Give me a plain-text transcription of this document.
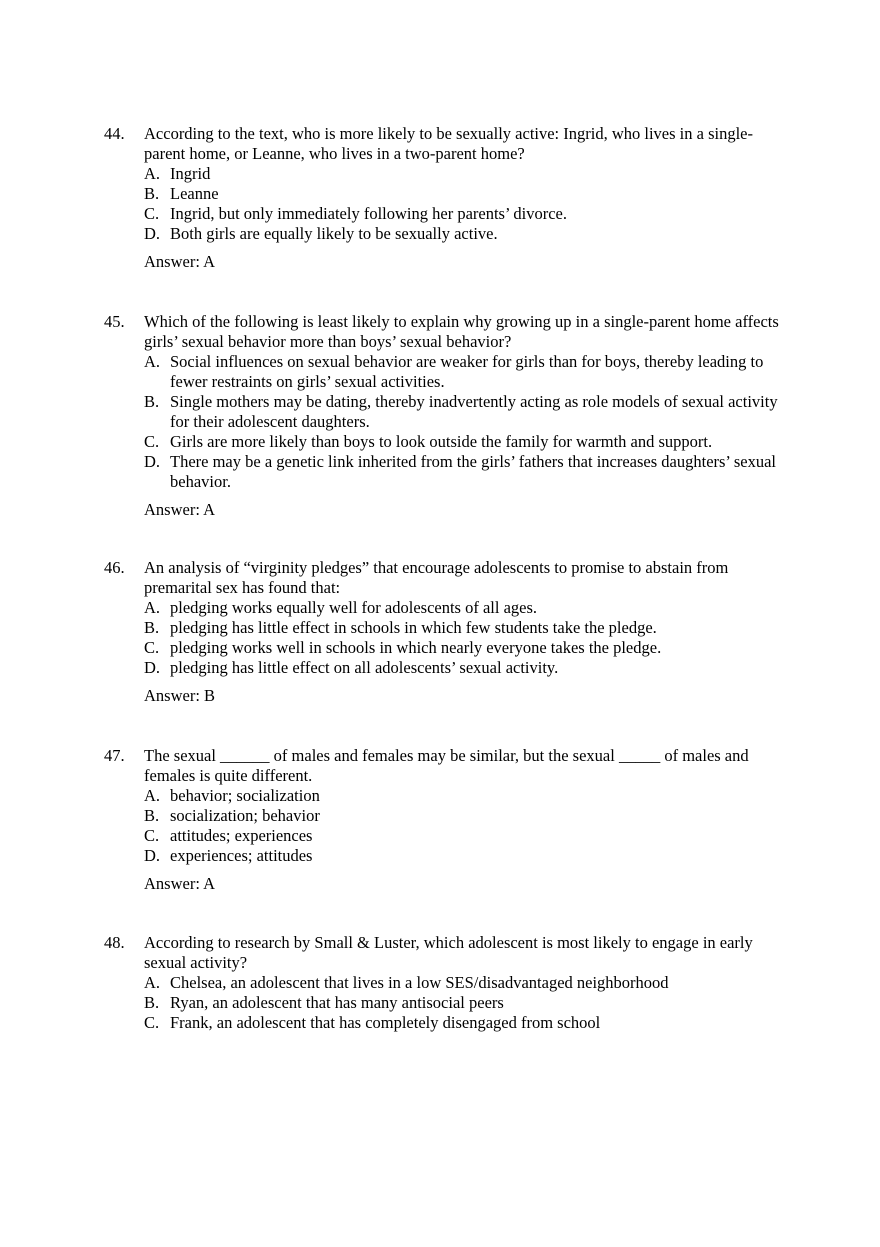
44.	According to the text, who is more likely to be sexually active: Ingrid, who lives in a single-parent home, or Leanne, who lives in a two-parent home?

A. Ingrid
B. Leanne
C. Ingrid, but only immediately following her parents’ divorce.
D. Both girls are equally likely to be sexually active.

Answer: A

45.	Which of the following is least likely to explain why growing up in a single-parent home affects girls’ sexual behavior more than boys’ sexual behavior?

A. Social influences on sexual behavior are weaker for girls than for boys, thereby leading to fewer restraints on girls’ sexual activities.
B. Single mothers may be dating, thereby inadvertently acting as role models of sexual activity for their adolescent daughters.
C. Girls are more likely than boys to look outside the family for warmth and support.
D. There may be a genetic link inherited from the girls’ fathers that increases daughters’ sexual behavior.

Answer: A

46.	An analysis of “virginity pledges” that encourage adolescents to promise to abstain from premarital sex has found that:

A. pledging works equally well for adolescents of all ages.
B. pledging has little effect in schools in which few students take the pledge.
C. pledging works well in schools in which nearly everyone takes the pledge.
D. pledging has little effect on all adolescents’ sexual activity.

Answer: B

47.	The sexual ______ of males and females may be similar, but the sexual _____ of males and females is quite different.

A. behavior; socialization
B. socialization; behavior
C. attitudes; experiences
D. experiences; attitudes

Answer: A

48.	According to research by Small & Luster, which adolescent is most likely to engage in early sexual activity?

A. Chelsea, an adolescent that lives in a low SES/disadvantaged neighborhood
B. Ryan, an adolescent that has many antisocial peers
C. Frank, an adolescent that has completely disengaged from school
